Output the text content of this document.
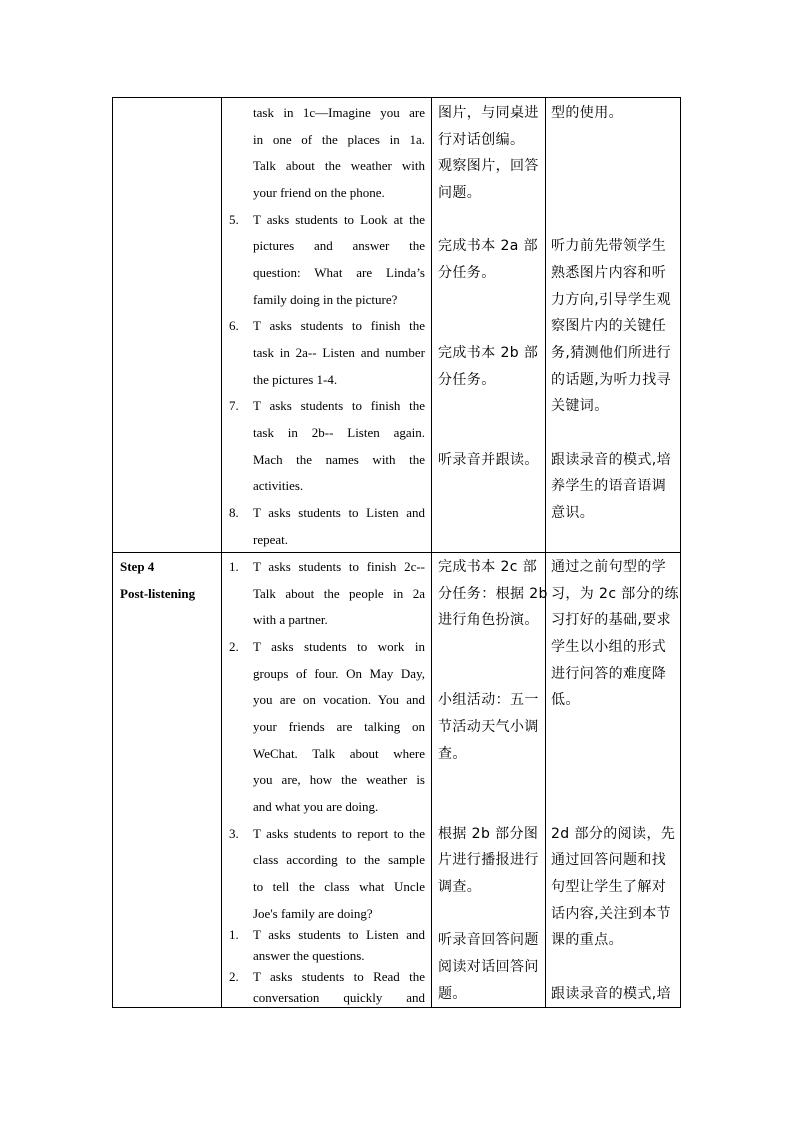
task in 1c—Imagine you are
in one of the places in 1a.
Talk about the weather with
your friend on the phone.
5. T asks students to Look at the
pictures and answer the
question: What are Linda’s
family doing in the picture?
6. T asks students to finish the
task in 2a-- Listen and number
the pictures 1-4.
7. T asks students to finish the
task in 2b-- Listen again.
Mach the names with the
activities.
8. T asks students to Listen and
repeat.
图片，与同桌进
行对话创编。
观察图片，回答
问题。
完成书本 2a 部
分任务。
完成书本 2b 部
分任务。
听录音并跟读。
型的使用。
听力前先带领学生
熟悉图片内容和听
力方向,引导学生观
察图片内的关键任
务,猜测他们所进行
的话题,为听力找寻
关键词。
跟读录音的模式,培
养学生的语音语调
意识。
Step 4
Post-listening
1. T asks students to finish 2c--
Talk about the people in 2a
with a partner.
2. T asks students to work in
groups of four. On May Day,
you are on vocation. You and
your friends are talking on
WeChat. Talk about where
you are, how the weather is
and what you are doing.
3. T asks students to report to the
class according to the sample
to tell the class what Uncle
Joe's family are doing?
1. T asks students to Listen and
answer the questions.
2. T asks students to Read the
conversation quickly and
完成书本 2c 部
分任务：根据 2b
进行角色扮演。
小组活动：五一
节活动天气小调
查。
根据 2b 部分图
片进行播报进行
调查。
听录音回答问题
阅读对话回答问
题。
通过之前句型的学
习，为 2c 部分的练
习打好的基础,要求
学生以小组的形式
进行问答的难度降
低。
2d 部分的阅读，先
通过回答问题和找
句型让学生了解对
话内容,关注到本节
课的重点。
跟读录音的模式,培
